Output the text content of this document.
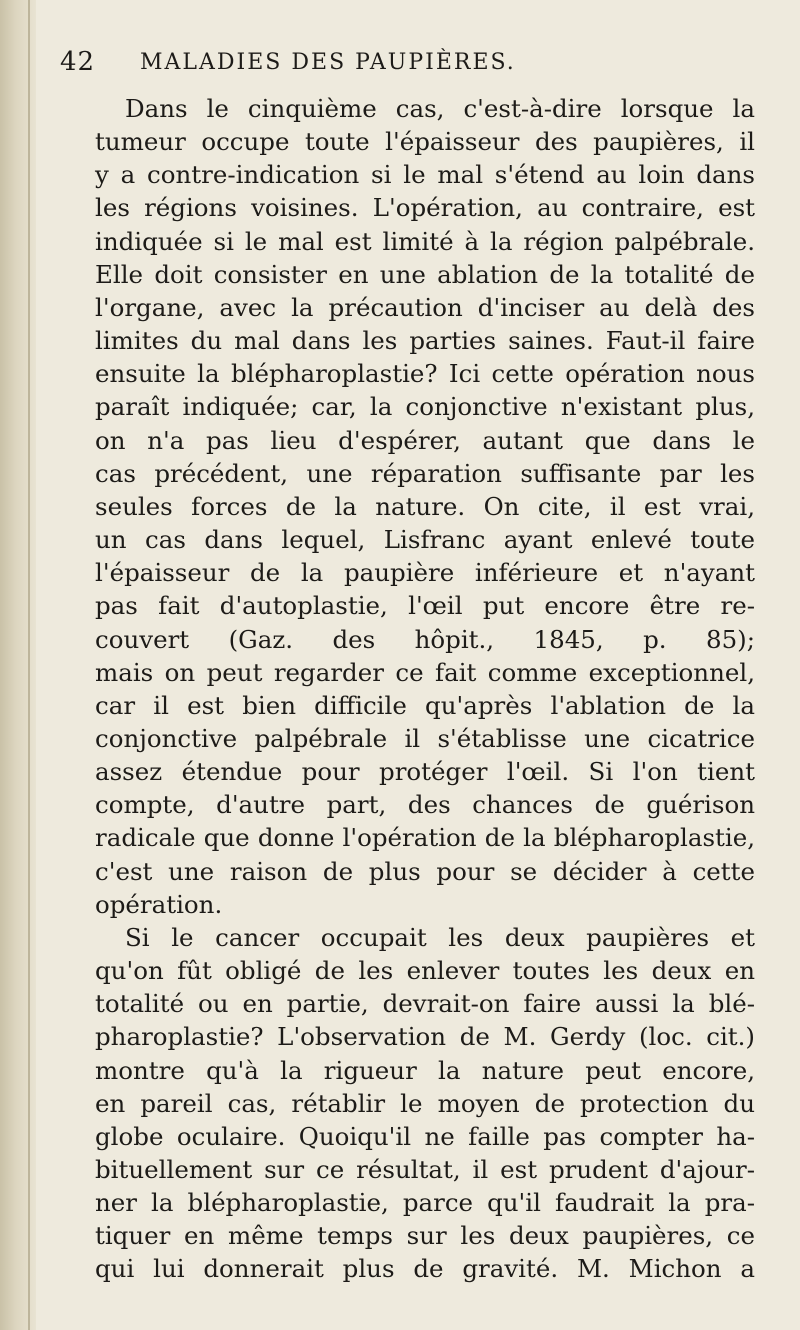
42 MALADIES DES PAUPIÈRES.
Dans le cinquième cas, c'est-à-dire lorsque la
tumeur occupe toute l'épaisseur des paupières, il
y a contre-indication si le mal s'étend au loin dans
les régions voisines. L'opération, au contraire, est
indiquée si le mal est limité à la région palpébrale.
Elle doit consister en une ablation de la totalité de
l'organe, avec la précaution d'inciser au delà des
limites du mal dans les parties saines. Faut-il faire
ensuite la blépharoplastie? Ici cette opération nous
paraît indiquée; car, la conjonctive n'existant plus,
on n'a pas lieu d'espérer, autant que dans le
cas précédent, une réparation suffisante par les
seules forces de la nature. On cite, il est vrai,
un cas dans lequel, Lisfranc ayant enlevé toute
l'épaisseur de la paupière inférieure et n'ayant
pas fait d'autoplastie, l'œil put encore être re-
couvert (Gaz. des hôpit., 1845, p. 85);
mais on peut regarder ce fait comme exceptionnel,
car il est bien difficile qu'après l'ablation de la
conjonctive palpébrale il s'établisse une cicatrice
assez étendue pour protéger l'œil. Si l'on tient
compte, d'autre part, des chances de guérison
radicale que donne l'opération de la blépharoplastie,
c'est une raison de plus pour se décider à cette
opération.
Si le cancer occupait les deux paupières et
qu'on fût obligé de les enlever toutes les deux en
totalité ou en partie, devrait-on faire aussi la blé-
pharoplastie? L'observation de M. Gerdy (loc. cit.)
montre qu'à la rigueur la nature peut encore,
en pareil cas, rétablir le moyen de protection du
globe oculaire. Quoiqu'il ne faille pas compter ha-
bituellement sur ce résultat, il est prudent d'ajour-
ner la blépharoplastie, parce qu'il faudrait la pra-
tiquer en même temps sur les deux paupières, ce
qui lui donnerait plus de gravité. M. Michon a
